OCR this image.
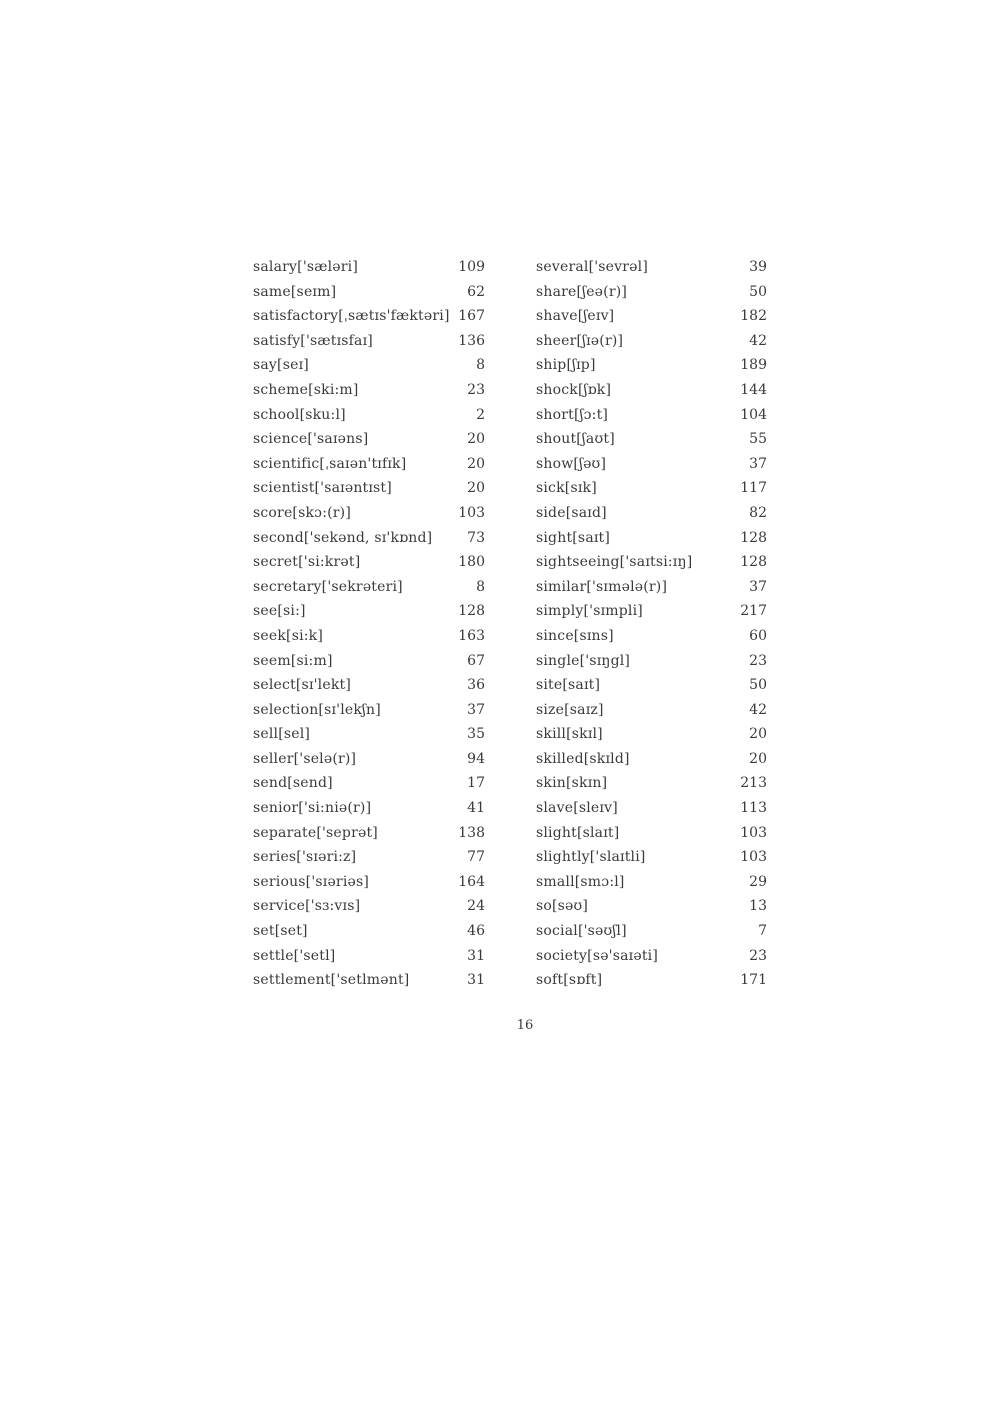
salary['sæləri]	109
same[seɪm]	62
satisfactory[ˌsætɪs'fæktəri] 167
satisfy['sætɪsfaɪ]	136
say[seɪ]	8
scheme[ski:m]	23
school[sku:l]	2
science['saɪəns]	20
scientific[ˌsaɪən'tɪfɪk]	20
scientist['saɪəntɪst]	20
score[skɔ:(r)]	103
second['sekənd, sɪ'kɒnd] 73
secret['si:krət]	180
secretary['sekrəteri]	8
see[si:]	128
seek[si:k]	163
seem[si:m]	67
select[sɪ'lekt]	36
selection[sɪ'lekʃn]	37
sell[sel]	35
seller['selə(r)]	94
send[send]	17
senior['si:niə(r)]	41
separate['seprət]	138
series['sɪəri:z]	77
serious['sɪəriəs]	164
service['sɜ:vɪs]	24
set[set]	46
settle['setl]	31
settlement['setlmənt]	31
several['sevrəl]	39
share[ʃeə(r)]	50
shave[ʃeɪv]	182
sheer[ʃɪə(r)]	42
ship[ʃɪp]	189
shock[ʃɒk]	144
short[ʃɔ:t]	104
shout[ʃaʊt]	55
show[ʃəʊ]	37
sick[sɪk]	117
side[saɪd]	82
sight[saɪt]	128
sightseeing['saɪtsi:ɪŋ]	128
similar['sɪmələ(r)]	37
simply['sɪmpli]	217
since[sɪns]	60
single['sɪŋgl]	23
site[saɪt]	50
size[saɪz]	42
skill[skɪl]	20
skilled[skɪld]	20
skin[skɪn]	213
slave[sleɪv]	113
slight[slaɪt]	103
slightly['slaɪtli]	103
small[smɔ:l]	29
so[səʊ]	13
social['səʊʃl]	7
society[sə'saɪəti]	23
soft[sɒft]	171
16
